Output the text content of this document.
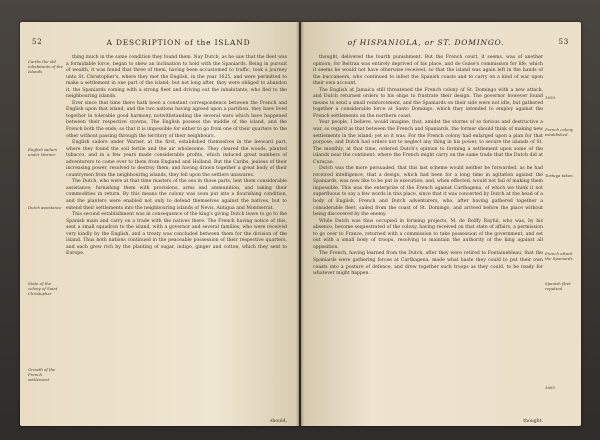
52	A DESCRIPTION of the ISLAND
Caribs the old inhabitants of the Islands
English sailors under Warner
Dutch assistance
State of the colony of Saint Christopher
Growth of the French settlement

thing much in the same condition they found them. Nay Dutch, as he saw that the fleet was a formidable force, began to shew an inclination to hold with the Spaniards. Being in pursuit of wealth, it was found that three of them, having been accustomed to traffic, took a journey unto St. Christopher's, where they met the English, in the year 1625, and were permitted to make a settlement in one part of the island; but not long after, they were obliged to abandon it, the Spaniards coming with a strong fleet and driving out the inhabitants, who fled to the neighbouring islands.

Ever since that time there hath been a constant correspondence between the French and English upon that island; and the two nations having agreed upon a partition, they have lived together in tolerable good harmony, notwithstanding the several wars which have happened between their respective crowns. The English possess the middle of the island, and the French both the ends; so that it is impossible for either to go from one of their quarters to the other without passing through the territory of their neighbours.

English sailors under Warner, at the first, established themselves in the leeward part, where they found the soil fertile and the air wholesome. They cleared the woods, planted tobacco, and in a few years made considerable profits, which induced great numbers of adventurers to come over to them from England and Holland. But the Caribs, jealous of their increasing power, resolved to destroy them; and having drawn together a great body of their countrymen from the neighbouring islands, they fell upon the settlers unawares.

The Dutch, who were at that time masters of the sea in those parts, lent them considerable assistance; furnishing them with provisions, arms and ammunition, and taking their commodities in return. By this means the colony was soon put into a flourishing condition, and the planters were enabled not only to defend themselves against the natives, but to extend their settlements into the neighbouring islands of Nevis, Antigua and Montserrat.

This second establishment was in consequence of the king's giving Dutch leave to go to the Spanish main and carry on a trade with the natives there. The French having notice of this, sent a small squadron to the island, with a governor and several families, who were received very kindly by the English, and a treaty was concluded between them for the division of the island. Thus both nations continued in the peaceable possession of their respective quarters, and each grew rich by the planting of sugar, indigo, ginger and cotton, which they sent to Europe.

should,
of HISPANIOLA, or ST. DOMINGO.	53
1659.
French colony established.
Tortuga taken.
French attack the Spaniards.
Spanish fleet repulsed.
1665.

thought, delivered the fourth punishment. But the French court, it seems, was of another opinion; for Beltran was entirely deprived of his place, and de Guise's commission for life, which it seems he would not have otherwise received, so that the island was again left in the hands of the buccaneers, who continued to infest the Spanish coasts and to carry on a kind of war upon their own account.

The English at Jamaica still threatened the French colony of St. Domingo with a new attack, and Dutch returned orders to his ships to frustrate their design. The governor however found means to send a small reinforcement, and the Spaniards on their side were not idle, but gathered together a considerable force at Santo Domingo, which they intended to employ against the French settlements on the northern coast.

Your people, I believe, would imagine, that, amidst the storms of so furious and destructive a war, so regard as that between the French and Spaniards, the former should think of making new settlements in the island; yet so it was. For the French colony had enlarged upon a plan for that purpose, and Dutch had orders not to neglect any thing in his power, to secure the islands of St. The monthly, at that time, ordered Dutch's opinion to forming a settlement upon some of the islands near the continent; where the French might carry on the same trade that the Dutch did at Curaçao.

Dutch was the more persuaded, that this last scheme would neither be forwarded, as he had received intelligence, that a design, which had been for a long time in agitation against the Spaniards, was now like to be put in execution; and, when effected, would not fail of making them impossible. This was the enterprize of the French against Carthagena, of which we think it not superfluous to say a few words in this place, since that it was concerted by Dutch at the head of a body of English, French and Dutch adventurers, who, after having gathered together a considerable fleet, sailed from the coast of St. Domingo, and arrived before the place without being discovered by the enemy.

While Dutch was thus occupied in forming projects, M. de Boiffy Rayful, who was, by his absence, become sequestrated of the colony, having received on that state of affairs, a permission to go over to France, returned with a commission to take possession of the government, and set out with a small body of troops, resolving to maintain the authority of the king against all opposition.

The French, having learned from the Dutch, after they were retired to Fontainebleau, that the Spaniards were gathering forces at Carthagena, made what haste they could to put their own coasts into a posture of defence, and drew together such troops as they could, to be ready for whatever might happen.

thought.
